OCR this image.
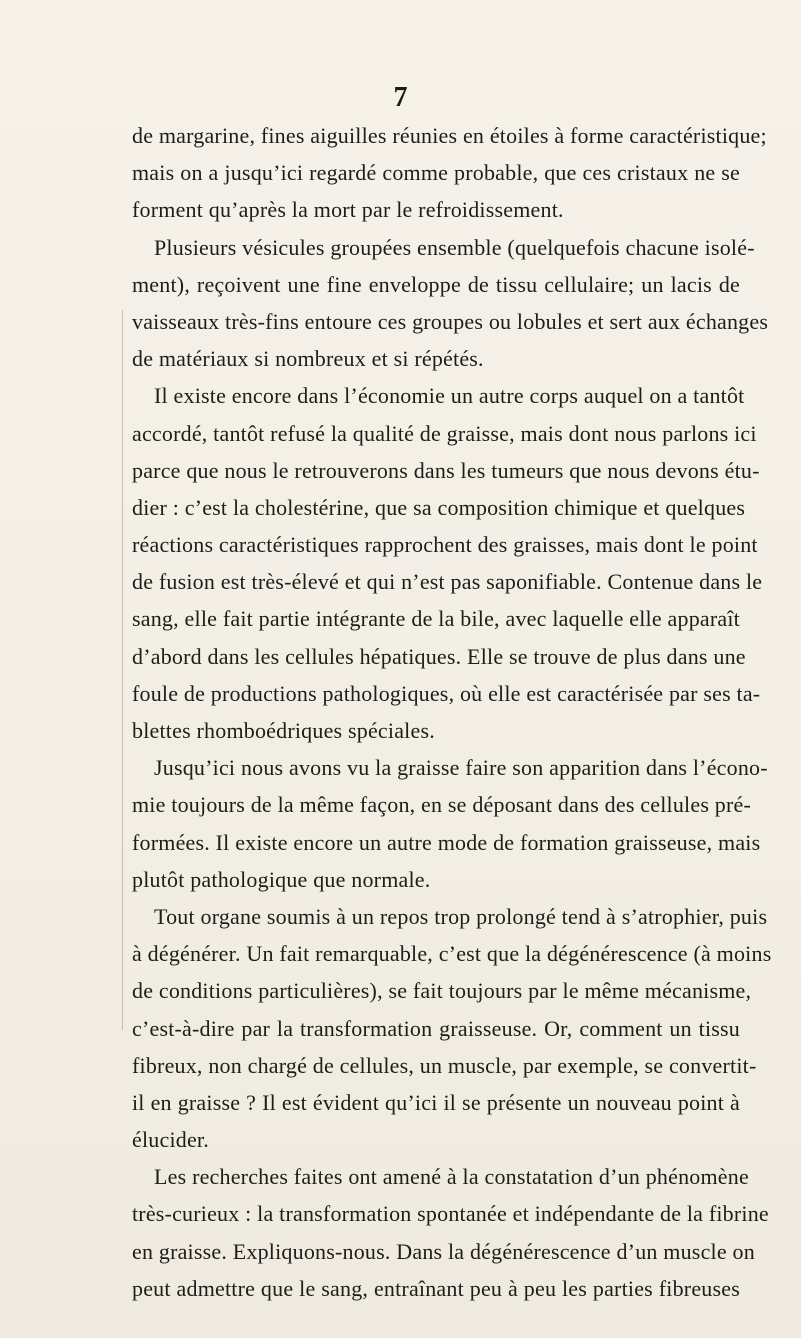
7
de margarine, fines aiguilles réunies en étoiles à forme caractéristique;
mais on a jusqu’ici regardé comme probable, que ces cristaux ne se
forment qu’après la mort par le refroidissement.
Plusieurs vésicules groupées ensemble (quelquefois chacune isolé-
ment), reçoivent une fine enveloppe de tissu cellulaire; un lacis de
vaisseaux très-fins entoure ces groupes ou lobules et sert aux échanges
de matériaux si nombreux et si répétés.
Il existe encore dans l’économie un autre corps auquel on a tantôt
accordé, tantôt refusé la qualité de graisse, mais dont nous parlons ici
parce que nous le retrouverons dans les tumeurs que nous devons étu-
dier : c’est la cholestérine, que sa composition chimique et quelques
réactions caractéristiques rapprochent des graisses, mais dont le point
de fusion est très-élevé et qui n’est pas saponifiable. Contenue dans le
sang, elle fait partie intégrante de la bile, avec laquelle elle apparaît
d’abord dans les cellules hépatiques. Elle se trouve de plus dans une
foule de productions pathologiques, où elle est caractérisée par ses ta-
blettes rhomboédriques spéciales.
Jusqu’ici nous avons vu la graisse faire son apparition dans l’écono-
mie toujours de la même façon, en se déposant dans des cellules pré-
formées. Il existe encore un autre mode de formation graisseuse, mais
plutôt pathologique que normale.
Tout organe soumis à un repos trop prolongé tend à s’atrophier, puis
à dégénérer. Un fait remarquable, c’est que la dégénérescence (à moins
de conditions particulières), se fait toujours par le même mécanisme,
c’est-à-dire par la transformation graisseuse. Or, comment un tissu
fibreux, non chargé de cellules, un muscle, par exemple, se convertit-
il en graisse ? Il est évident qu’ici il se présente un nouveau point à
élucider.
Les recherches faites ont amené à la constatation d’un phénomène
très-curieux : la transformation spontanée et indépendante de la fibrine
en graisse. Expliquons-nous. Dans la dégénérescence d’un muscle on
peut admettre que le sang, entraînant peu à peu les parties fibreuses
